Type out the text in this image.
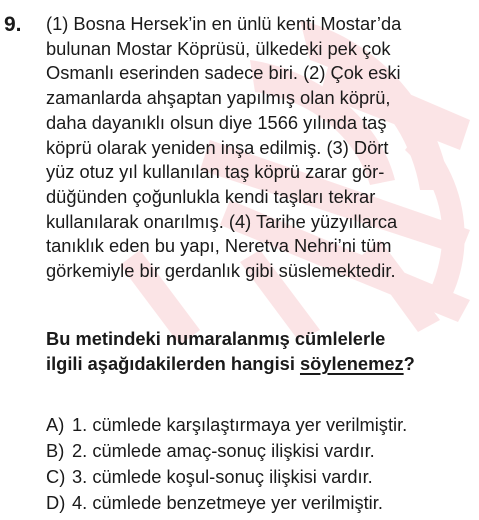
9. (1) Bosna Hersek’in en ünlü kenti Mostar’da
bulunan Mostar Köprüsü, ülkedeki pek çok
Osmanlı eserinden sadece biri. (2) Çok eski
zamanlarda ahşaptan yapılmış olan köprü,
daha dayanıklı olsun diye 1566 yılında taş
köprü olarak yeniden inşa edilmiş. (3) Dört
yüz otuz yıl kullanılan taş köprü zarar gör-
düğünden çoğunlukla kendi taşları tekrar
kullanılarak onarılmış. (4) Tarihe yüzyıllarca
tanıklık eden bu yapı, Neretva Nehri’ni tüm
görkemiyle bir gerdanlık gibi süslemektedir.
Bu metindeki numaralanmış cümlelerle
ilgili aşağıdakilerden hangisi söylenemez?
A) 1. cümlede karşılaştırmaya yer verilmiştir.
B) 2. cümlede amaç-sonuç ilişkisi vardır.
C) 3. cümlede koşul-sonuç ilişkisi vardır.
D) 4. cümlede benzetmeye yer verilmiştir.
